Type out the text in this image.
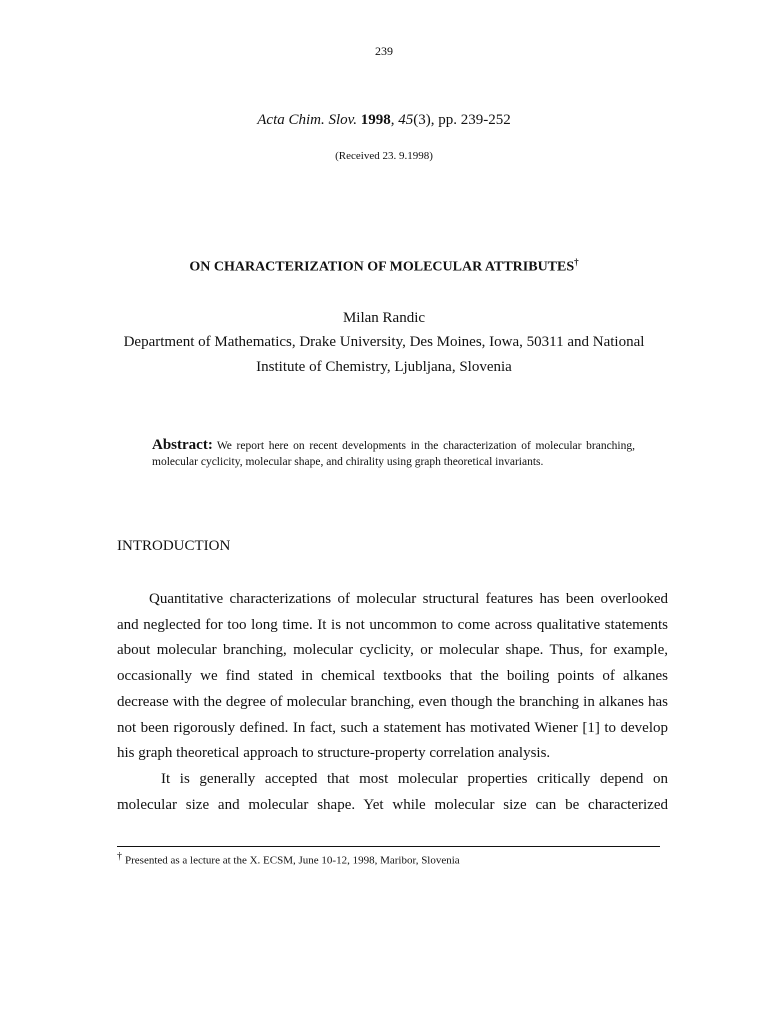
239
Acta Chim. Slov. 1998, 45(3), pp. 239-252
(Received 23. 9.1998)
ON CHARACTERIZATION OF MOLECULAR ATTRIBUTES†
Milan Randic
Department of Mathematics, Drake University, Des Moines, Iowa, 50311 and National
Institute of Chemistry, Ljubljana, Slovenia
Abstract: We report here on recent developments in the characterization of molecular branching, molecular cyclicity, molecular shape, and chirality using graph theoretical invariants.
INTRODUCTION

Quantitative characterizations of molecular structural features has been overlooked and neglected for too long time. It is not uncommon to come across qualitative statements about molecular branching, molecular cyclicity, or molecular shape. Thus, for example, occasionally we find stated in chemical textbooks that the boiling points of alkanes decrease with the degree of molecular branching, even though the branching in alkanes has not been rigorously defined. In fact, such a statement has motivated Wiener [1] to develop his graph theoretical approach to structure-property correlation analysis.

It is generally accepted that most molecular properties critically depend on molecular size and molecular shape. Yet while molecular size can be characterized

† Presented as a lecture at the X. ECSM, June 10-12, 1998, Maribor, Slovenia
